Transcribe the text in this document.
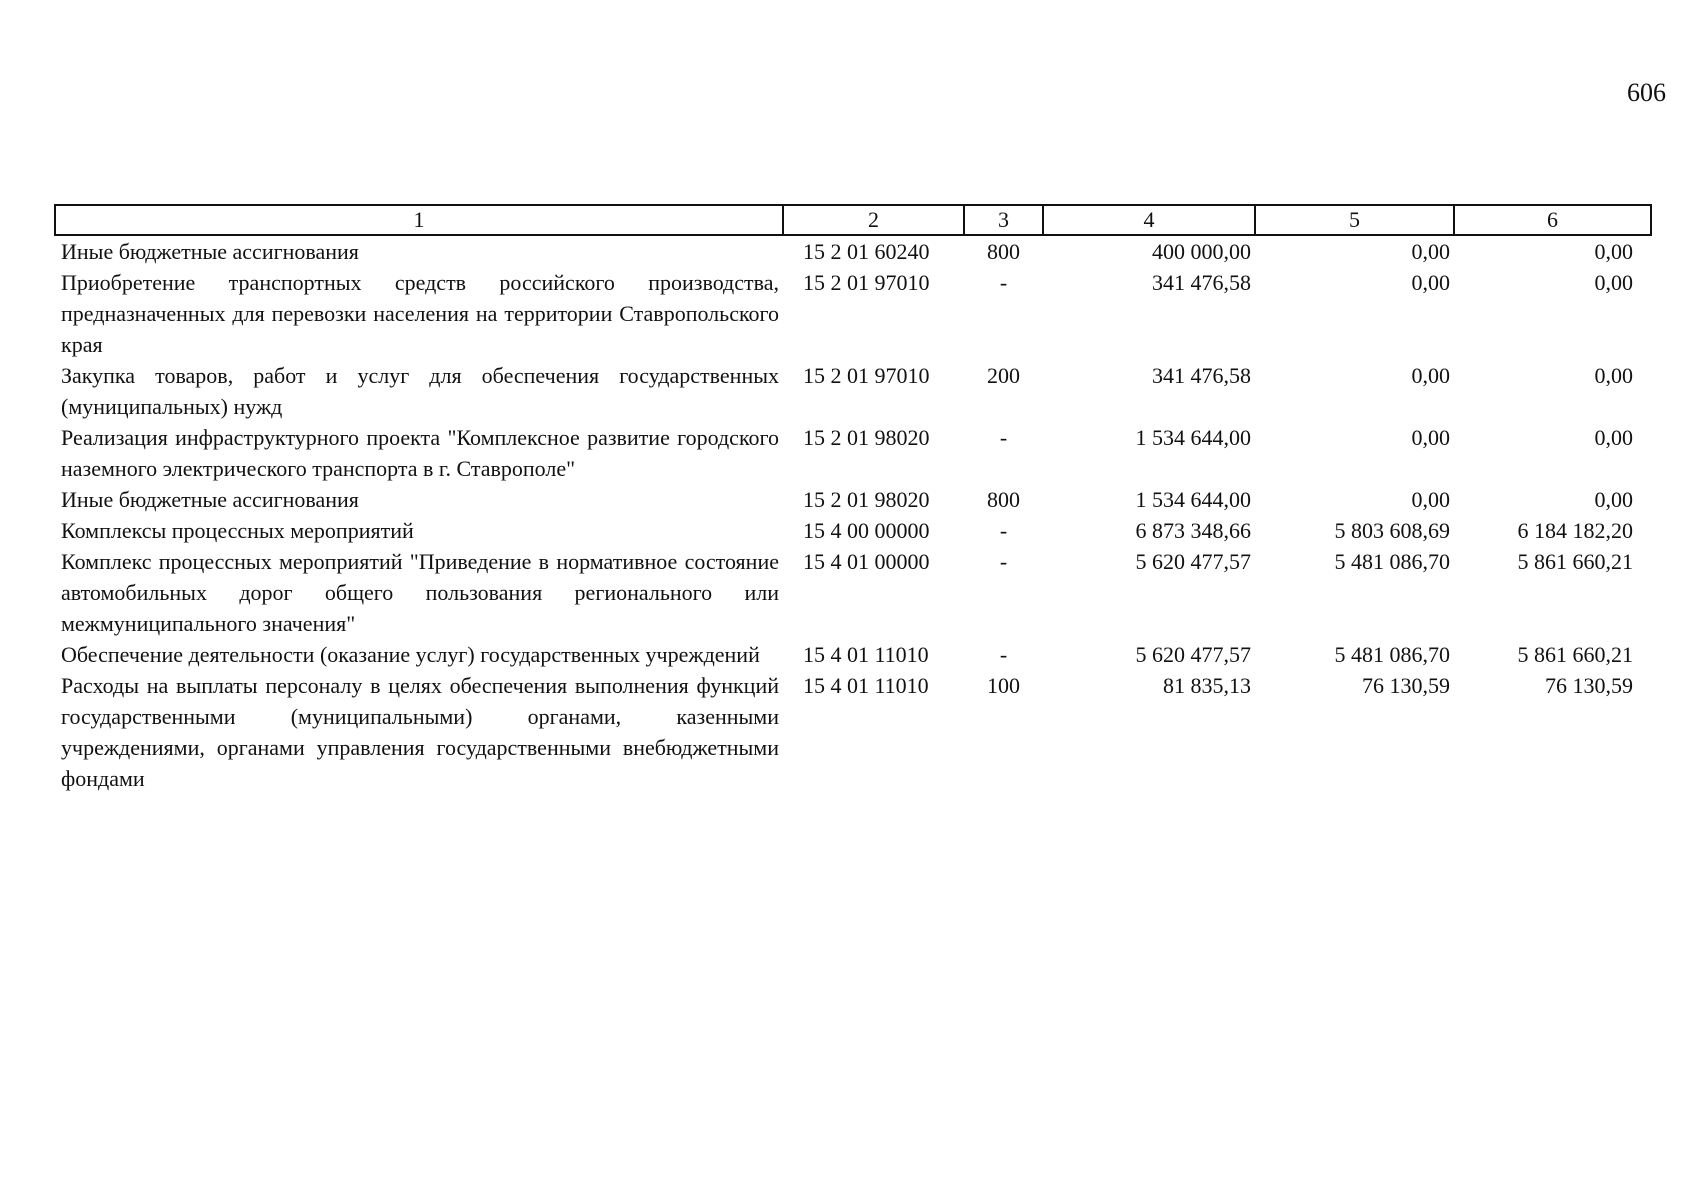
606
1	2	3	4	5	6
Иные бюджетные ассигнования	15 2 01 60240	800	400 000,00	0,00	0,00
Приобретение транспортных средств российского производства, предназначенных для перевозки населения на территории Ставропольского края	15 2 01 97010	-	341 476,58	0,00	0,00
Закупка товаров, работ и услуг для обеспечения государственных (муниципальных) нужд	15 2 01 97010	200	341 476,58	0,00	0,00
Реализация инфраструктурного проекта "Комплексное развитие городского наземного электрического транспорта в г. Ставрополе"	15 2 01 98020	-	1 534 644,00	0,00	0,00
Иные бюджетные ассигнования	15 2 01 98020	800	1 534 644,00	0,00	0,00
Комплексы процессных мероприятий	15 4 00 00000	-	6 873 348,66	5 803 608,69	6 184 182,20
Комплекс процессных мероприятий "Приведение в нормативное состояние автомобильных дорог общего пользования регионального или межмуниципального значения"	15 4 01 00000	-	5 620 477,57	5 481 086,70	5 861 660,21
Обеспечение деятельности (оказание услуг) государственных учреждений	15 4 01 11010	-	5 620 477,57	5 481 086,70	5 861 660,21
Расходы на выплаты персоналу в целях обеспечения выполнения функций государственными (муниципальными) органами, казенными учреждениями, органами управления государственными внебюджетными фондами	15 4 01 11010	100	81 835,13	76 130,59	76 130,59
